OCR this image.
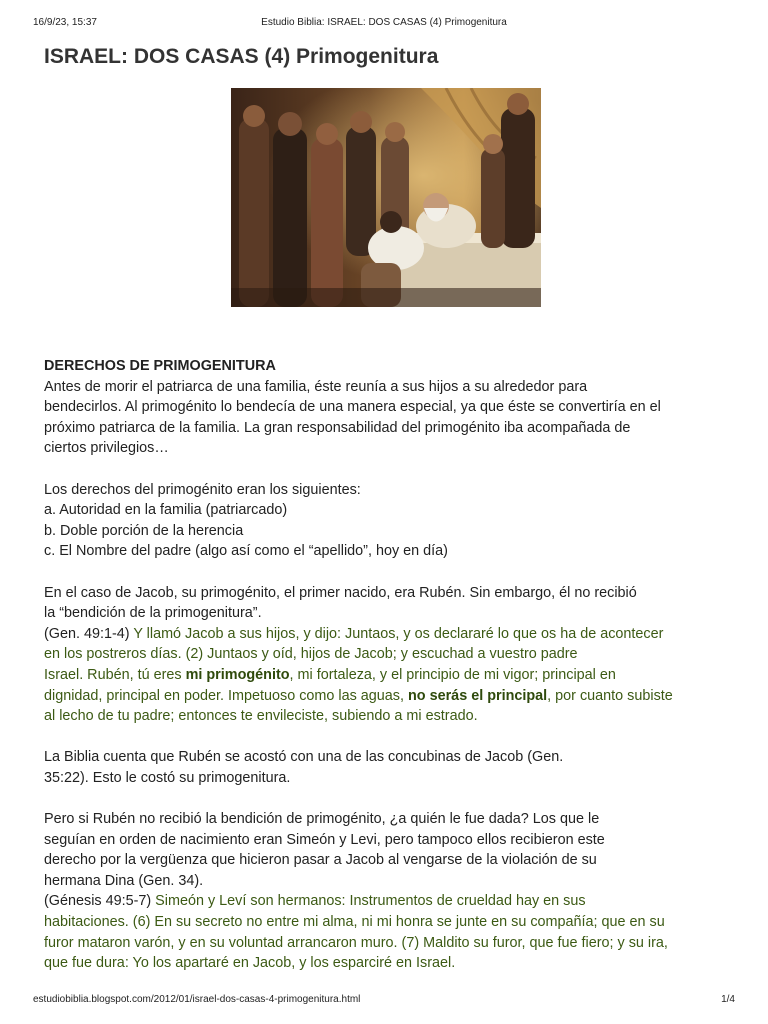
16/9/23, 15:37	Estudio Biblia: ISRAEL: DOS CASAS (4) Primogenitura
ISRAEL: DOS CASAS (4) Primogenitura

DERECHOS DE PRIMOGENITURA

Antes de morir el patriarca de una familia, éste reunía a sus hijos a su alrededor para
bendecirlos. Al primogénito lo bendecía de una manera especial, ya que éste se convertiría en el
próximo patriarca de la familia. La gran responsabilidad del primogénito iba acompañada de
ciertos privilegios…

Los derechos del primogénito eran los siguientes:

a. Autoridad en la familia (patriarcado)
b. Doble porción de la herencia
c. El Nombre del padre (algo así como el “apellido”, hoy en día)

En el caso de Jacob, su primogénito, el primer nacido, era Rubén. Sin embargo, él no recibió
la “bendición de la primogenitura”.
(Gen. 49:1-4) Y llamó Jacob a sus hijos, y dijo: Juntaos, y os declararé lo que os ha de acontecer
en los postreros días. (2) Juntaos y oíd, hijos de Jacob; y escuchad a vuestro padre
Israel. Rubén, tú eres mi primogénito, mi fortaleza, y el principio de mi vigor; principal en
dignidad, principal en poder. Impetuoso como las aguas, no serás el principal, por cuanto subiste
al lecho de tu padre; entonces te envileciste, subiendo a mi estrado.

La Biblia cuenta que Rubén se acostó con una de las concubinas de Jacob (Gen.
35:22). Esto le costó su primogenitura.

Pero si Rubén no recibió la bendición de primogénito, ¿a quién le fue dada? Los que le
seguían en orden de nacimiento eran Simeón y Levi, pero tampoco ellos recibieron este
derecho por la vergüenza que hicieron pasar a Jacob al vengarse de la violación de su
hermana Dina (Gen. 34).
(Génesis 49:5-7) Simeón y Leví son hermanos: Instrumentos de crueldad hay en sus
habitaciones. (6) En su secreto no entre mi alma, ni mi honra se junte en su compañía; que en su
furor mataron varón, y en su voluntad arrancaron muro. (7) Maldito su furor, que fue fiero; y su ira,
que fue dura: Yo los apartaré en Jacob, y los esparciré en Israel.

estudiobiblia.blogspot.com/2012/01/israel-dos-casas-4-primogenitura.html	1/4
